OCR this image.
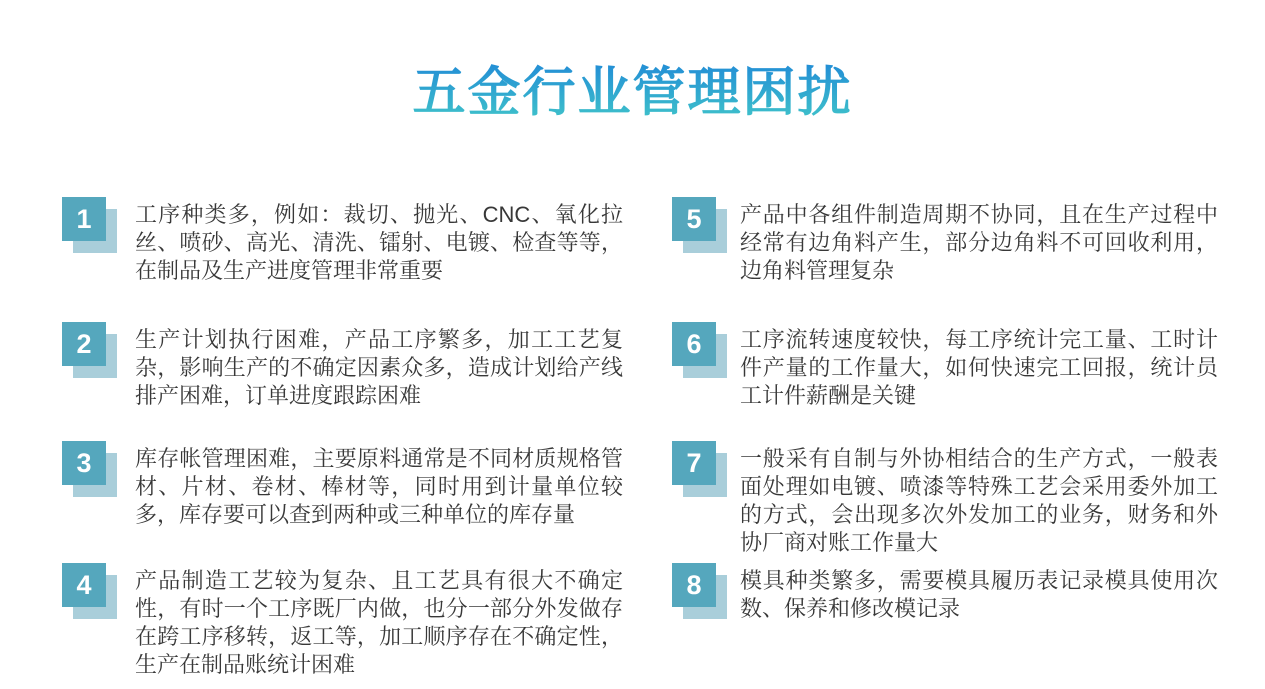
五金行业管理困扰
1	工序种类多，例如：裁切、抛光、CNC、氧化拉丝、喷砂、高光、清洗、镭射、电镀、检查等等，在制品及生产进度管理非常重要
2	生产计划执行困难，产品工序繁多，加工工艺复杂，影响生产的不确定因素众多，造成计划给产线排产困难，订单进度跟踪困难
3	库存帐管理困难，主要原料通常是不同材质规格管材、片材、卷材、棒材等，同时用到计量单位较多，库存要可以查到两种或三种单位的库存量
4	产品制造工艺较为复杂、且工艺具有很大不确定性，有时一个工序既厂内做，也分一部分外发做存在跨工序移转，返工等，加工顺序存在不确定性，生产在制品账统计困难
5	产品中各组件制造周期不协同，且在生产过程中经常有边角料产生，部分边角料不可回收利用，边角料管理复杂
6	工序流转速度较快，每工序统计完工量、工时计件产量的工作量大，如何快速完工回报，统计员工计件薪酬是关键
7	一般采有自制与外协相结合的生产方式，一般表面处理如电镀、喷漆等特殊工艺会采用委外加工的方式，会出现多次外发加工的业务，财务和外协厂商对账工作量大
8	模具种类繁多，需要模具履历表记录模具使用次数、保养和修改模记录
